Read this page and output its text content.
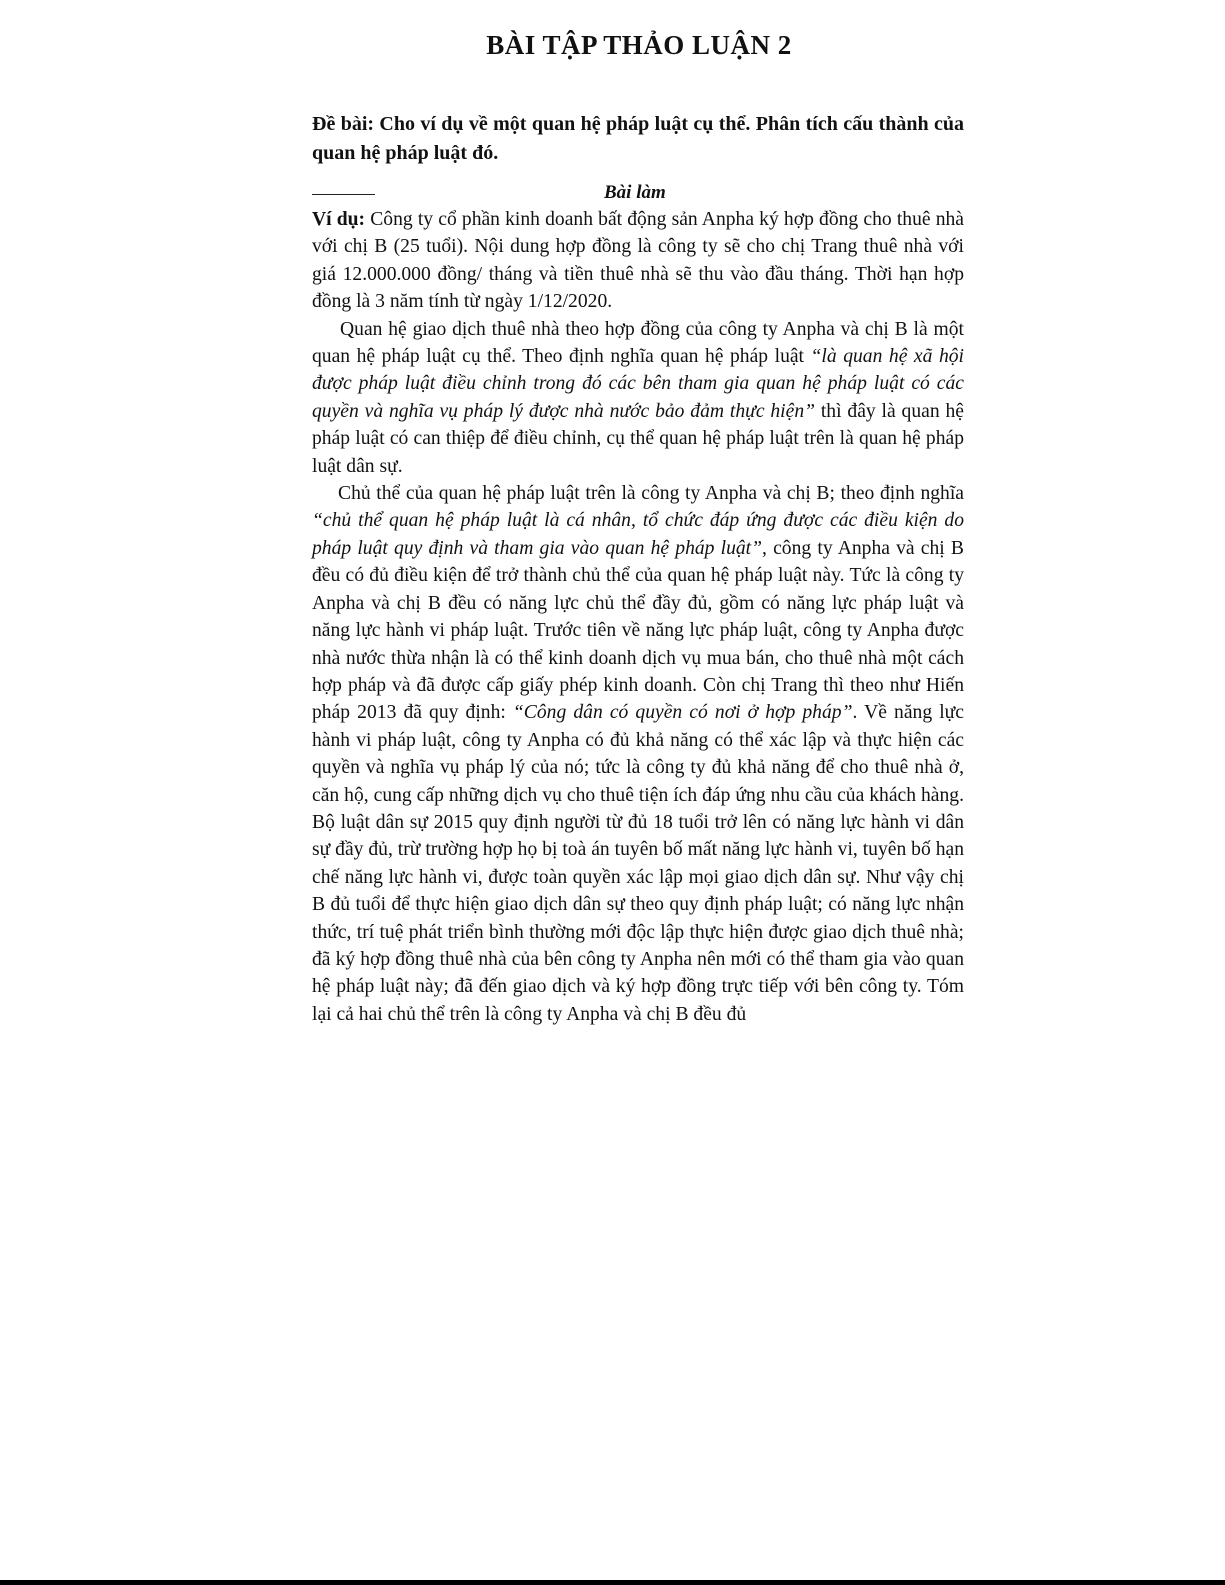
BÀI TẬP THẢO LUẬN 2

Đề bài: Cho ví dụ về một quan hệ pháp luật cụ thể. Phân tích cấu thành của quan hệ pháp luật đó.

Bài làm

Ví dụ: Công ty cổ phần kinh doanh bất động sản Anpha ký hợp đồng cho thuê nhà với chị B (25 tuổi). Nội dung hợp đồng là công ty sẽ cho chị Trang thuê nhà với giá 12.000.000 đồng/ tháng và tiền thuê nhà sẽ thu vào đầu tháng. Thời hạn hợp đồng là 3 năm tính từ ngày 1/12/2020.

Quan hệ giao dịch thuê nhà theo hợp đồng của công ty Anpha và chị B là một quan hệ pháp luật cụ thể. Theo định nghĩa quan hệ pháp luật “là quan hệ xã hội được pháp luật điều chỉnh trong đó các bên tham gia quan hệ pháp luật có các quyền và nghĩa vụ pháp lý được nhà nước bảo đảm thực hiện” thì đây là quan hệ pháp luật có can thiệp để điều chỉnh, cụ thể quan hệ pháp luật trên là quan hệ pháp luật dân sự.

Chủ thể của quan hệ pháp luật trên là công ty Anpha và chị B; theo định nghĩa “chủ thể quan hệ pháp luật là cá nhân, tổ chức đáp ứng được các điều kiện do pháp luật quy định và tham gia vào quan hệ pháp luật”, công ty Anpha và chị B đều có đủ điều kiện để trở thành chủ thể của quan hệ pháp luật này. Tức là công ty Anpha và chị B đều có năng lực chủ thể đầy đủ, gồm có năng lực pháp luật và năng lực hành vi pháp luật. Trước tiên về năng lực pháp luật, công ty Anpha được nhà nước thừa nhận là có thể kinh doanh dịch vụ mua bán, cho thuê nhà một cách hợp pháp và đã được cấp giấy phép kinh doanh. Còn chị Trang thì theo như Hiến pháp 2013 đã quy định: “Công dân có quyền có nơi ở hợp pháp”. Về năng lực hành vi pháp luật, công ty Anpha có đủ khả năng có thể xác lập và thực hiện các quyền và nghĩa vụ pháp lý của nó; tức là công ty đủ khả năng để cho thuê nhà ở, căn hộ, cung cấp những dịch vụ cho thuê tiện ích đáp ứng nhu cầu của khách hàng. Bộ luật dân sự 2015 quy định người từ đủ 18 tuổi trở lên có năng lực hành vi dân sự đầy đủ, trừ trường hợp họ bị toà án tuyên bố mất năng lực hành vi, tuyên bố hạn chế năng lực hành vi, được toàn quyền xác lập mọi giao dịch dân sự. Như vậy chị B đủ tuổi để thực hiện giao dịch dân sự theo quy định pháp luật; có năng lực nhận thức, trí tuệ phát triển bình thường mới độc lập thực hiện được giao dịch thuê nhà; đã ký hợp đồng thuê nhà của bên công ty Anpha nên mới có thể tham gia vào quan hệ pháp luật này; đã đến giao dịch và ký hợp đồng trực tiếp với bên công ty. Tóm lại cả hai chủ thể trên là công ty Anpha và chị B đều đủ
